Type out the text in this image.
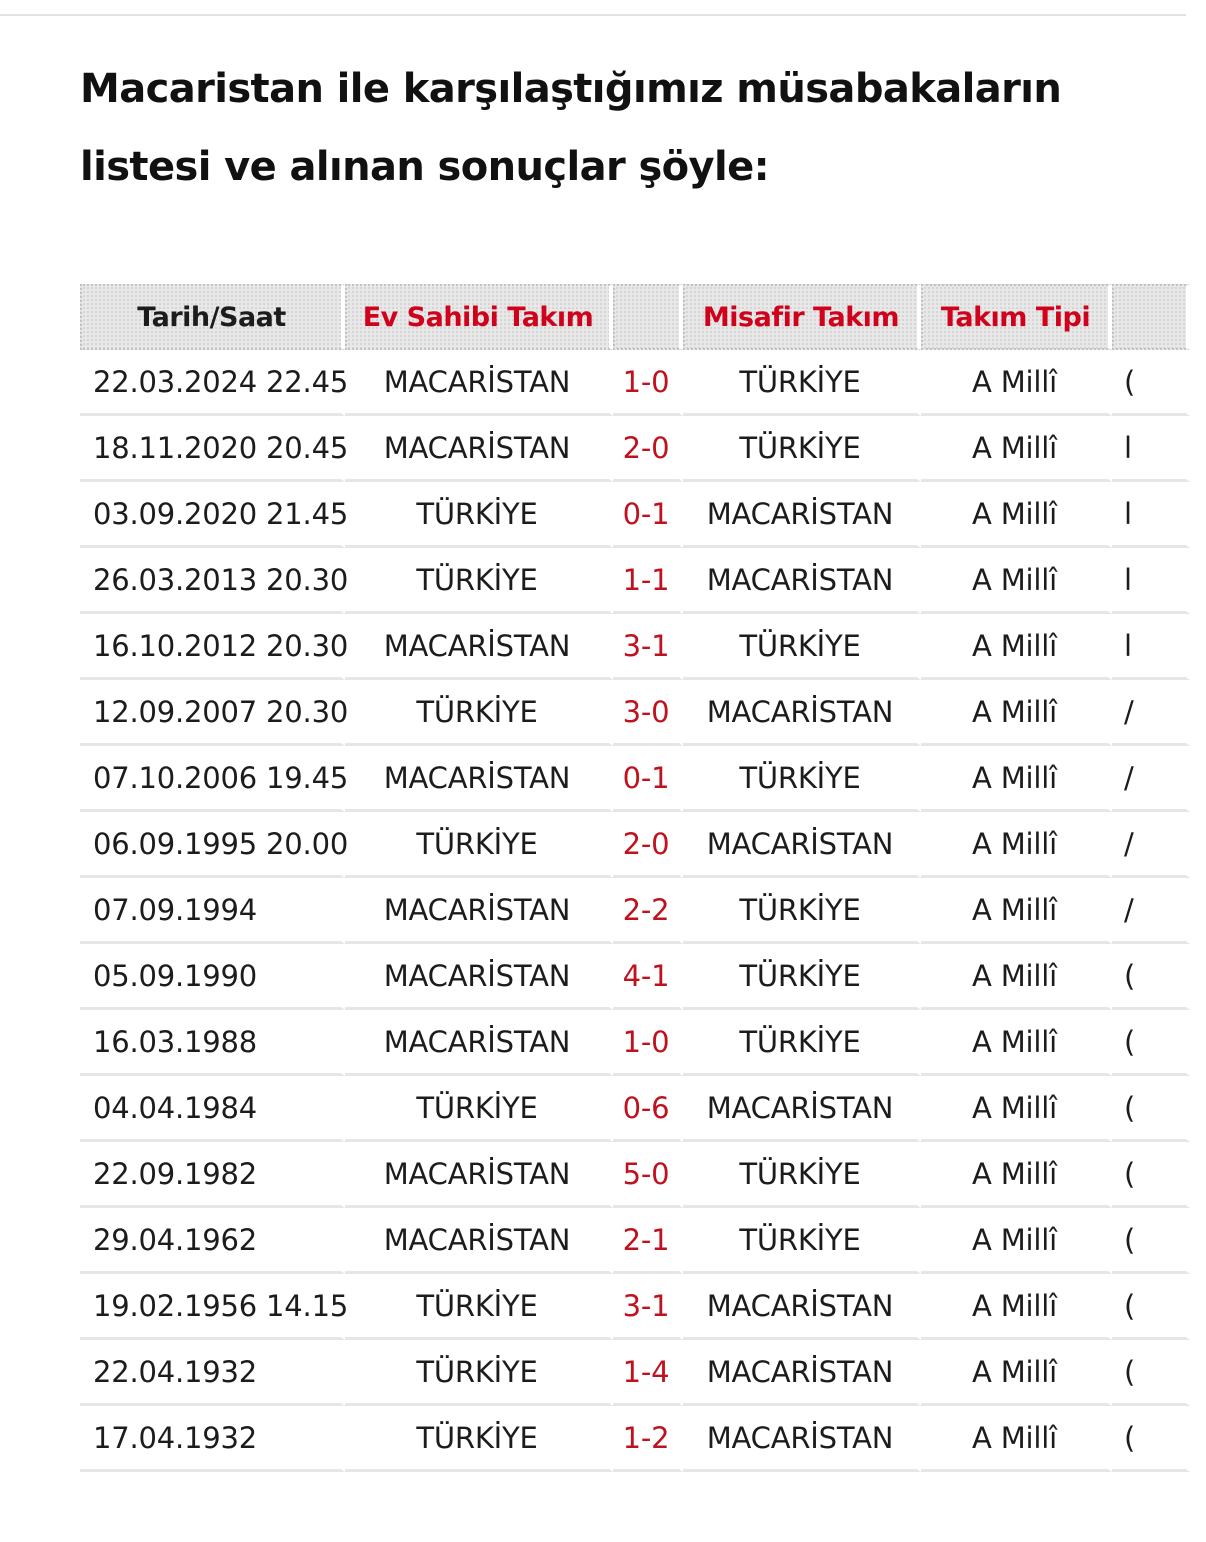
Macaristan ile karşılaştığımız müsabakaların
listesi ve alınan sonuçlar şöyle:
Tarih/Saat	Ev Sahibi Takım		Misafir Takım	Takım Tipi	
22.03.2024 22.45	MACARİSTAN	1-0	TÜRKİYE	A Millî	(
18.11.2020 20.45	MACARİSTAN	2-0	TÜRKİYE	A Millî	l
03.09.2020 21.45	TÜRKİYE	0-1	MACARİSTAN	A Millî	l
26.03.2013 20.30	TÜRKİYE	1-1	MACARİSTAN	A Millî	l
16.10.2012 20.30	MACARİSTAN	3-1	TÜRKİYE	A Millî	l
12.09.2007 20.30	TÜRKİYE	3-0	MACARİSTAN	A Millî	/
07.10.2006 19.45	MACARİSTAN	0-1	TÜRKİYE	A Millî	/
06.09.1995 20.00	TÜRKİYE	2-0	MACARİSTAN	A Millî	/
07.09.1994	MACARİSTAN	2-2	TÜRKİYE	A Millî	/
05.09.1990	MACARİSTAN	4-1	TÜRKİYE	A Millî	(
16.03.1988	MACARİSTAN	1-0	TÜRKİYE	A Millî	(
04.04.1984	TÜRKİYE	0-6	MACARİSTAN	A Millî	(
22.09.1982	MACARİSTAN	5-0	TÜRKİYE	A Millî	(
29.04.1962	MACARİSTAN	2-1	TÜRKİYE	A Millî	(
19.02.1956 14.15	TÜRKİYE	3-1	MACARİSTAN	A Millî	(
22.04.1932	TÜRKİYE	1-4	MACARİSTAN	A Millî	(
17.04.1932	TÜRKİYE	1-2	MACARİSTAN	A Millî	(
